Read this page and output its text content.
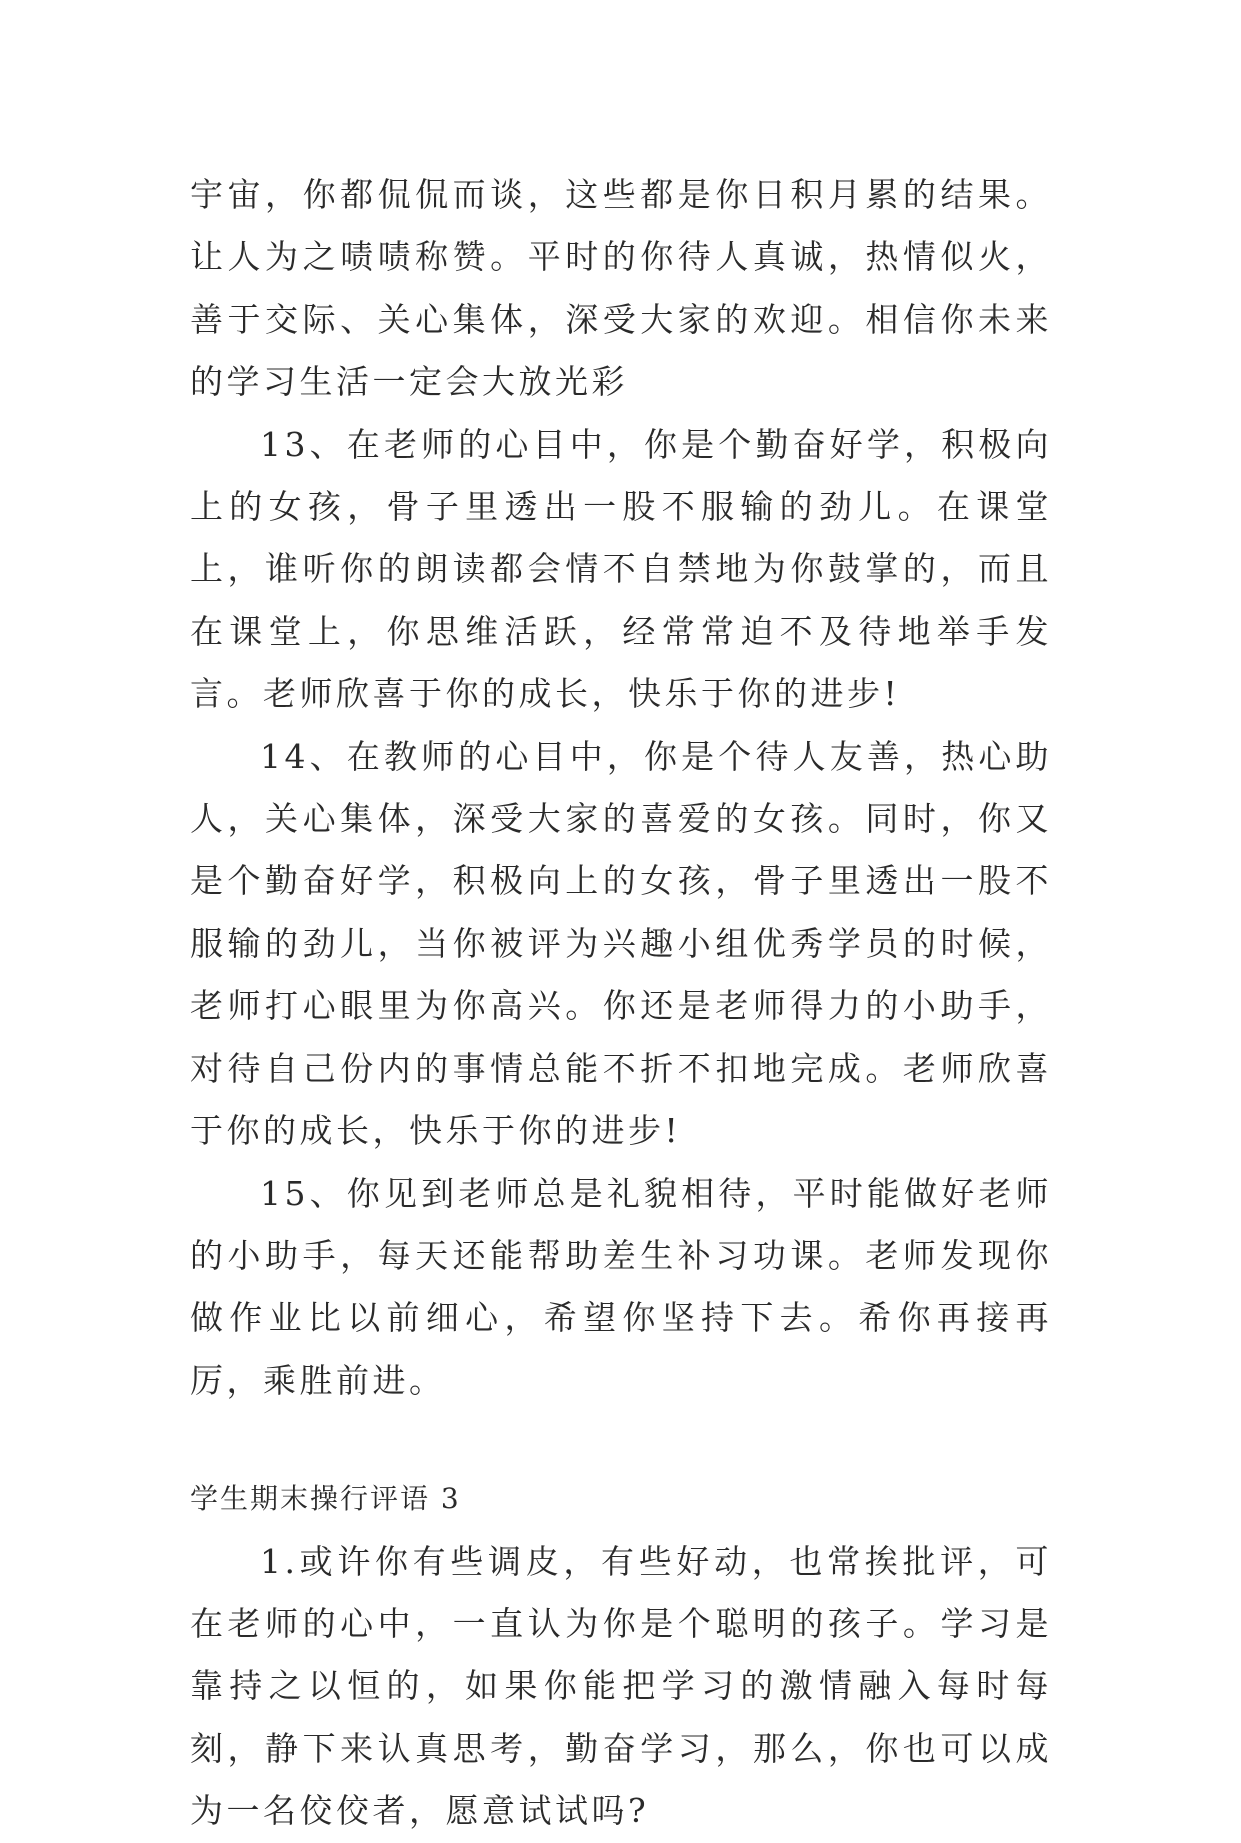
宇宙，你都侃侃而谈，这些都是你日积月累的结果。让人为之啧啧称赞。平时的你待人真诚，热情似火，善于交际、关心集体，深受大家的欢迎。相信你未来的学习生活一定会大放光彩

13、在老师的心目中，你是个勤奋好学，积极向上的女孩，骨子里透出一股不服输的劲儿。在课堂上，谁听你的朗读都会情不自禁地为你鼓掌的，而且在课堂上，你思维活跃，经常常迫不及待地举手发言。老师欣喜于你的成长，快乐于你的进步!

14、在教师的心目中，你是个待人友善，热心助人，关心集体，深受大家的喜爱的女孩。同时，你又是个勤奋好学，积极向上的女孩，骨子里透出一股不服输的劲儿，当你被评为兴趣小组优秀学员的时候，老师打心眼里为你高兴。你还是老师得力的小助手，对待自己份内的事情总能不折不扣地完成。老师欣喜于你的成长，快乐于你的进步!

15、你见到老师总是礼貌相待，平时能做好老师的小助手，每天还能帮助差生补习功课。老师发现你做作业比以前细心，希望你坚持下去。希你再接再厉，乘胜前进。

学生期末操行评语 3

1.或许你有些调皮，有些好动，也常挨批评，可在老师的心中，一直认为你是个聪明的孩子。学习是靠持之以恒的，如果你能把学习的激情融入每时每刻，静下来认真思考，勤奋学习，那么，你也可以成为一名佼佼者，愿意试试吗?
